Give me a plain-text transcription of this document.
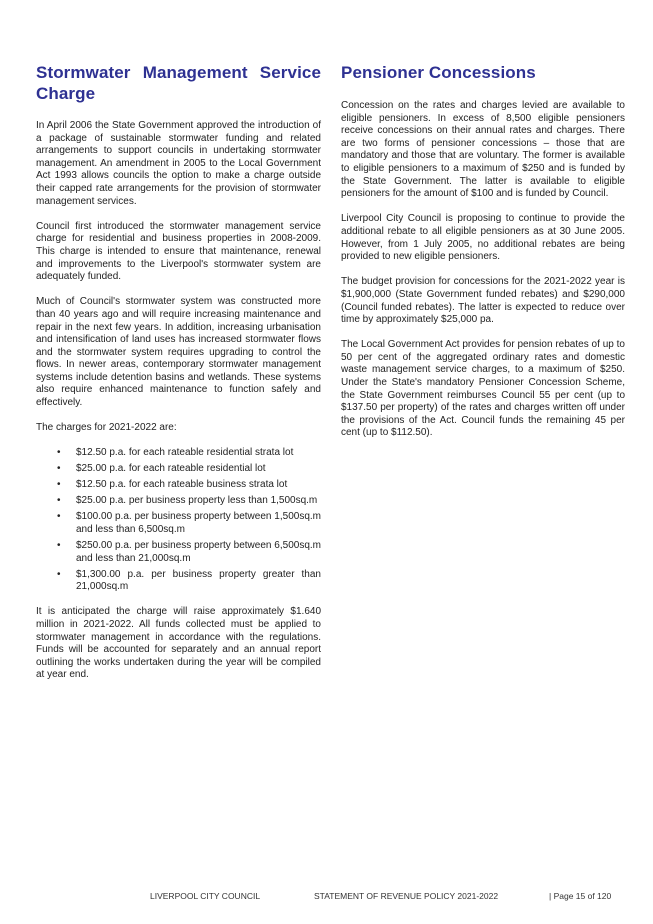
Stormwater Management Service Charge

In April 2006 the State Government approved the introduction of a package of sustainable stormwater funding and related arrangements to support councils in undertaking stormwater management. An amendment in 2005 to the Local Government Act 1993 allows councils the option to make a charge outside their capped rate arrangements for the provision of stormwater management services.

Council first introduced the stormwater management service charge for residential and business properties in 2008-2009. This charge is intended to ensure that maintenance, renewal and improvements to the Liverpool's stormwater system are adequately funded.

Much of Council's stormwater system was constructed more than 40 years ago and will require increasing maintenance and repair in the next few years. In addition, increasing urbanisation and intensification of land uses has increased stormwater flows and the stormwater system requires upgrading to control the flows. In newer areas, contemporary stormwater management systems include detention basins and wetlands. These systems also require enhanced maintenance to function safely and effectively.

The charges for 2021-2022 are:

• $12.50 p.a. for each rateable residential strata lot
• $25.00 p.a. for each rateable residential lot
• $12.50 p.a. for each rateable business strata lot
• $25.00 p.a. per business property less than 1,500sq.m
• $100.00 p.a. per business property between 1,500sq.m and less than 6,500sq.m
• $250.00 p.a. per business property between 6,500sq.m and less than 21,000sq.m
• $1,300.00 p.a. per business property greater than 21,000sq.m

It is anticipated the charge will raise approximately $1.640 million in 2021-2022. All funds collected must be applied to stormwater management in accordance with the regulations. Funds will be accounted for separately and an annual report outlining the works undertaken during the year will be compiled at year end.

Pensioner Concessions

Concession on the rates and charges levied are available to eligible pensioners. In excess of 8,500 eligible pensioners receive concessions on their annual rates and charges. There are two forms of pensioner concessions – those that are mandatory and those that are voluntary. The former is available to eligible pensioners to a maximum of $250 and is funded by the State Government. The latter is available to eligible pensioners for the amount of $100 and is funded by Council.

Liverpool City Council is proposing to continue to provide the additional rebate to all eligible pensioners as at 30 June 2005. However, from 1 July 2005, no additional rebates are being provided to new eligible pensioners.

The budget provision for concessions for the 2021-2022 year is $1,900,000 (State Government funded rebates) and $290,000 (Council funded rebates). The latter is expected to reduce over time by approximately $25,000 pa.

The Local Government Act provides for pension rebates of up to 50 per cent of the aggregated ordinary rates and domestic waste management service charges, to a maximum of $250. Under the State's mandatory Pensioner Concession Scheme, the State Government reimburses Council 55 per cent (up to $137.50 per property) of the rates and charges written off under the provisions of the Act. Council funds the remaining 45 per cent (up to $112.50).

LIVERPOOL CITY COUNCIL	STATEMENT OF REVENUE POLICY 2021-2022	| Page 15 of 120
